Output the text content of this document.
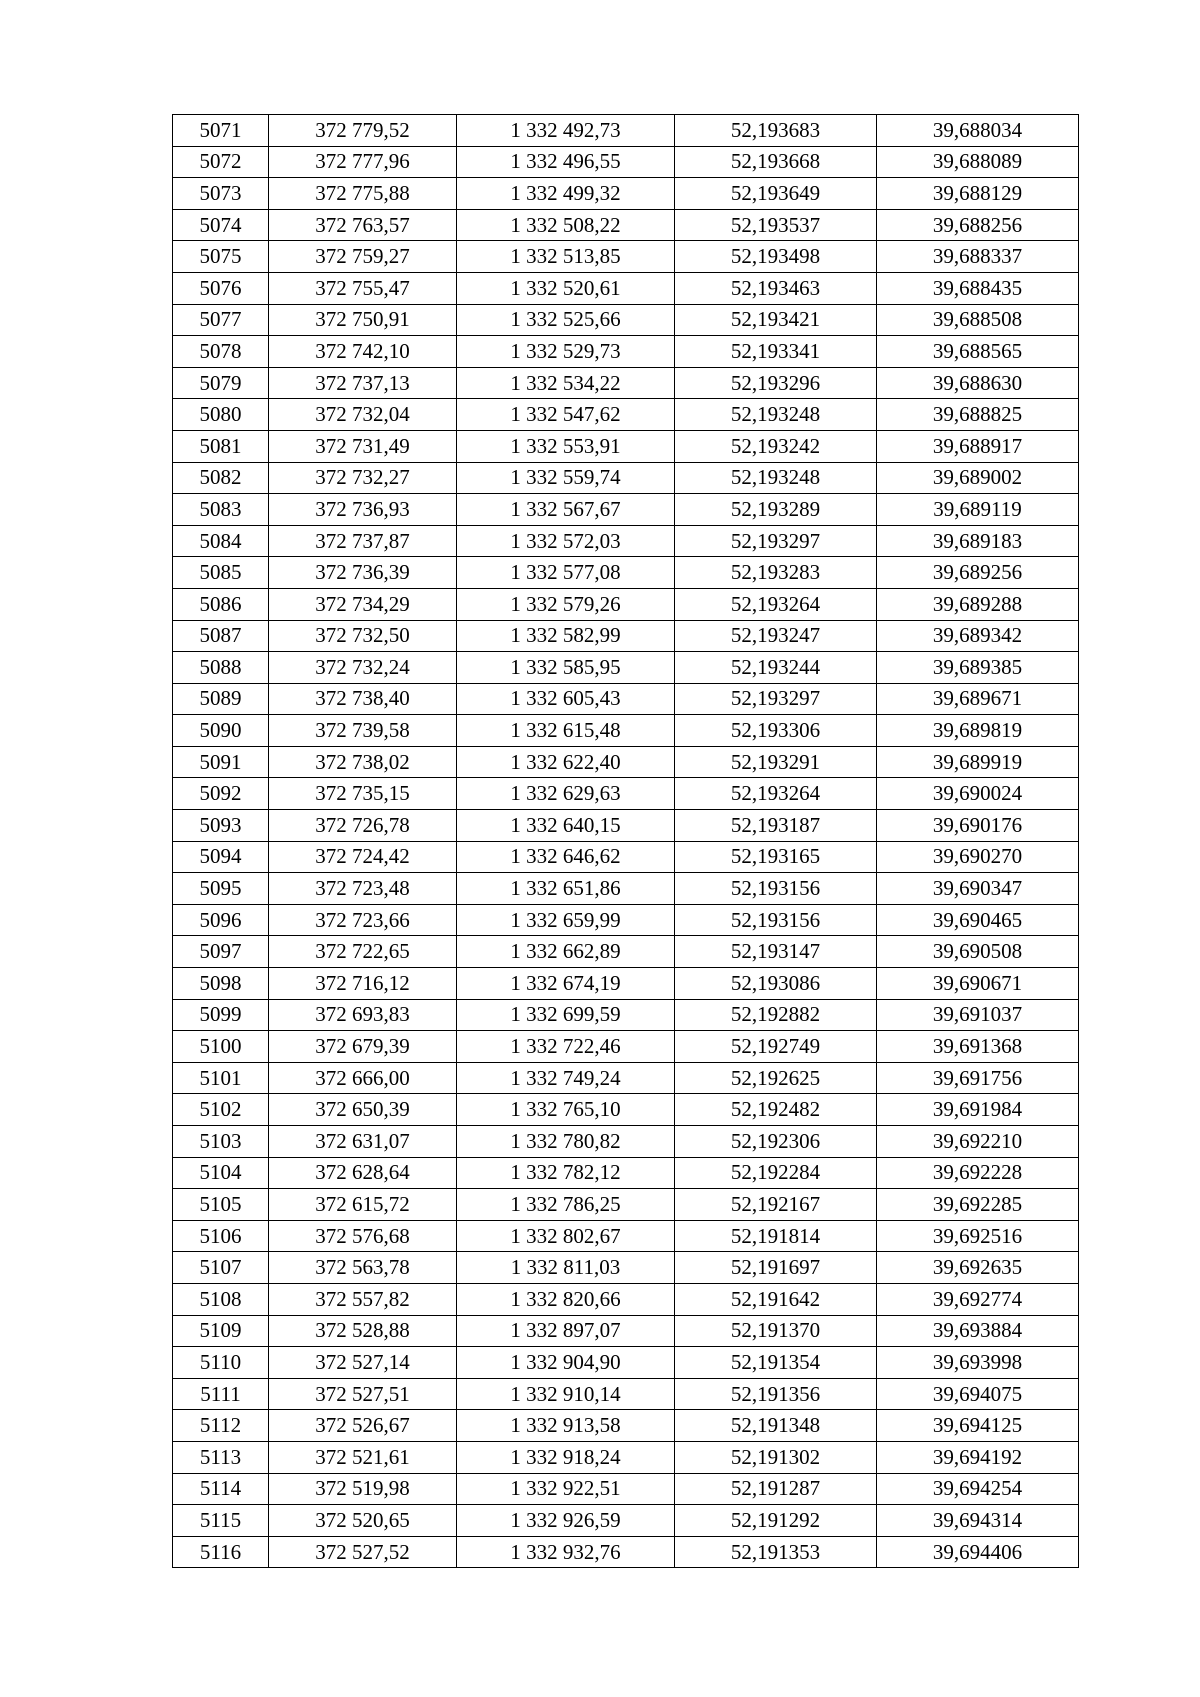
5071	372 779,52	1 332 492,73	52,193683	39,688034
5072	372 777,96	1 332 496,55	52,193668	39,688089
5073	372 775,88	1 332 499,32	52,193649	39,688129
5074	372 763,57	1 332 508,22	52,193537	39,688256
5075	372 759,27	1 332 513,85	52,193498	39,688337
5076	372 755,47	1 332 520,61	52,193463	39,688435
5077	372 750,91	1 332 525,66	52,193421	39,688508
5078	372 742,10	1 332 529,73	52,193341	39,688565
5079	372 737,13	1 332 534,22	52,193296	39,688630
5080	372 732,04	1 332 547,62	52,193248	39,688825
5081	372 731,49	1 332 553,91	52,193242	39,688917
5082	372 732,27	1 332 559,74	52,193248	39,689002
5083	372 736,93	1 332 567,67	52,193289	39,689119
5084	372 737,87	1 332 572,03	52,193297	39,689183
5085	372 736,39	1 332 577,08	52,193283	39,689256
5086	372 734,29	1 332 579,26	52,193264	39,689288
5087	372 732,50	1 332 582,99	52,193247	39,689342
5088	372 732,24	1 332 585,95	52,193244	39,689385
5089	372 738,40	1 332 605,43	52,193297	39,689671
5090	372 739,58	1 332 615,48	52,193306	39,689819
5091	372 738,02	1 332 622,40	52,193291	39,689919
5092	372 735,15	1 332 629,63	52,193264	39,690024
5093	372 726,78	1 332 640,15	52,193187	39,690176
5094	372 724,42	1 332 646,62	52,193165	39,690270
5095	372 723,48	1 332 651,86	52,193156	39,690347
5096	372 723,66	1 332 659,99	52,193156	39,690465
5097	372 722,65	1 332 662,89	52,193147	39,690508
5098	372 716,12	1 332 674,19	52,193086	39,690671
5099	372 693,83	1 332 699,59	52,192882	39,691037
5100	372 679,39	1 332 722,46	52,192749	39,691368
5101	372 666,00	1 332 749,24	52,192625	39,691756
5102	372 650,39	1 332 765,10	52,192482	39,691984
5103	372 631,07	1 332 780,82	52,192306	39,692210
5104	372 628,64	1 332 782,12	52,192284	39,692228
5105	372 615,72	1 332 786,25	52,192167	39,692285
5106	372 576,68	1 332 802,67	52,191814	39,692516
5107	372 563,78	1 332 811,03	52,191697	39,692635
5108	372 557,82	1 332 820,66	52,191642	39,692774
5109	372 528,88	1 332 897,07	52,191370	39,693884
5110	372 527,14	1 332 904,90	52,191354	39,693998
5111	372 527,51	1 332 910,14	52,191356	39,694075
5112	372 526,67	1 332 913,58	52,191348	39,694125
5113	372 521,61	1 332 918,24	52,191302	39,694192
5114	372 519,98	1 332 922,51	52,191287	39,694254
5115	372 520,65	1 332 926,59	52,191292	39,694314
5116	372 527,52	1 332 932,76	52,191353	39,694406
